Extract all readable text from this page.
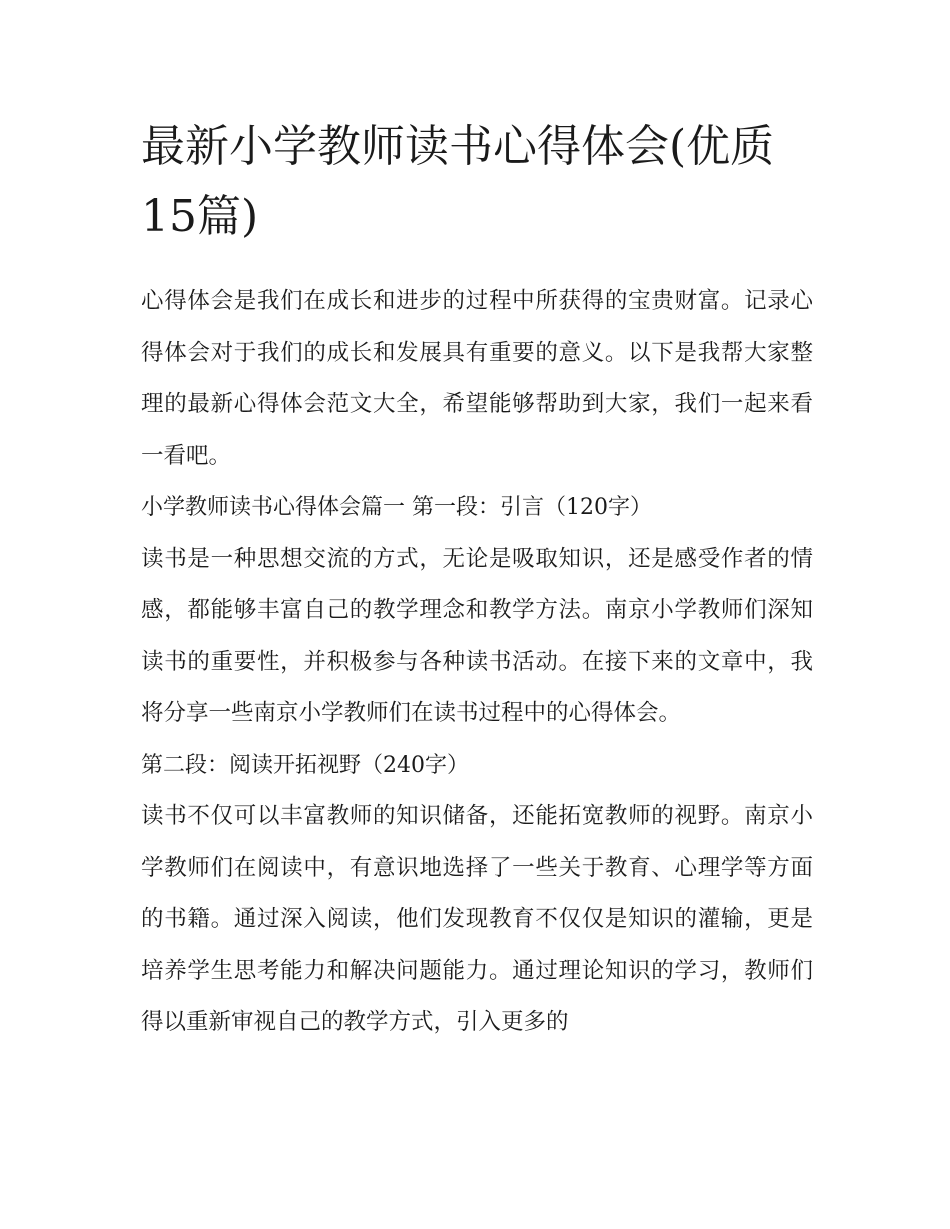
最新小学教师读书心得体会(优质15篇)

心得体会是我们在成长和进步的过程中所获得的宝贵财富。记录心得体会对于我们的成长和发展具有重要的意义。以下是我帮大家整理的最新心得体会范文大全，希望能够帮助到大家，我们一起来看一看吧。

小学教师读书心得体会篇一 第一段：引言（120字）

读书是一种思想交流的方式，无论是吸取知识，还是感受作者的情感，都能够丰富自己的教学理念和教学方法。南京小学教师们深知读书的重要性，并积极参与各种读书活动。在接下来的文章中，我将分享一些南京小学教师们在读书过程中的心得体会。

第二段：阅读开拓视野（240字）

读书不仅可以丰富教师的知识储备，还能拓宽教师的视野。南京小学教师们在阅读中，有意识地选择了一些关于教育、心理学等方面的书籍。通过深入阅读，他们发现教育不仅仅是知识的灌输，更是培养学生思考能力和解决问题能力。通过理论知识的学习，教师们得以重新审视自己的教学方式，引入更多的
